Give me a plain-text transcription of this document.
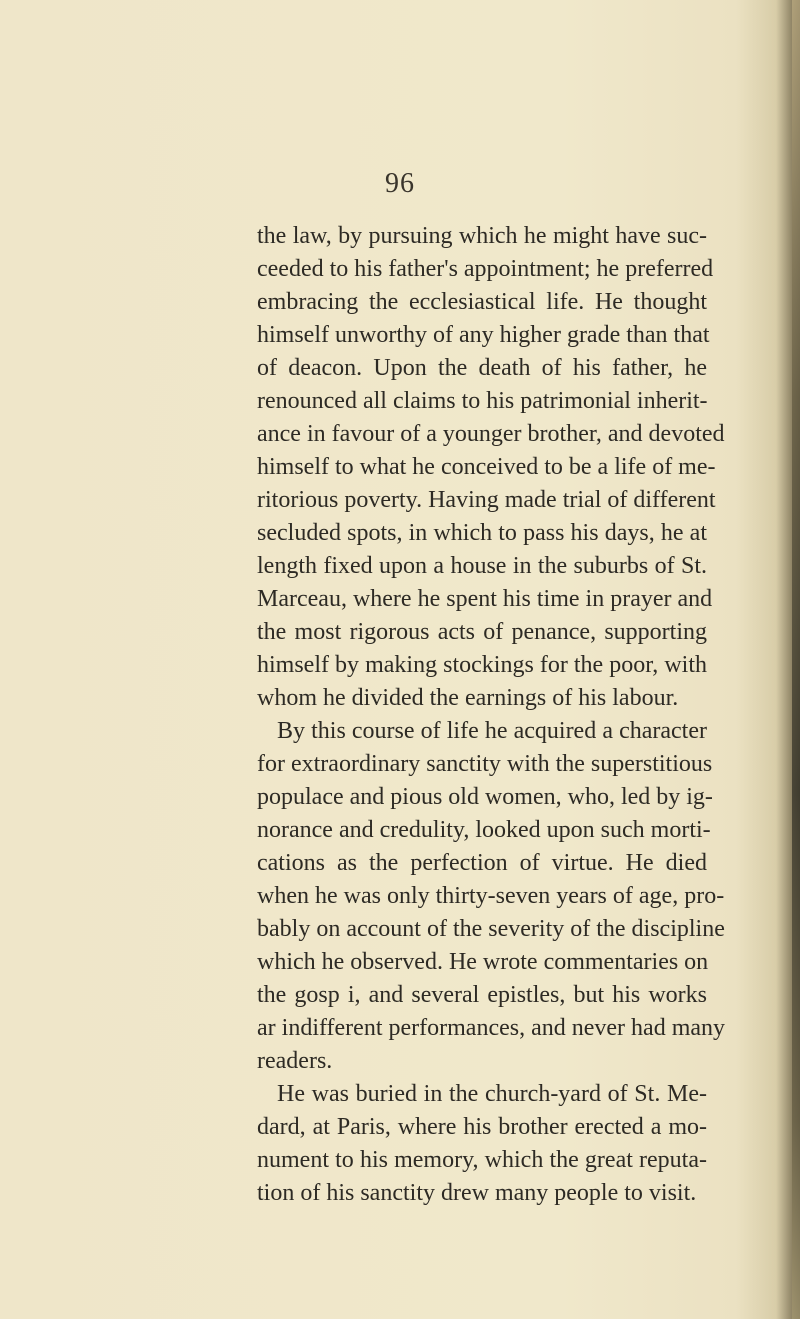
96
the law, by pursuing which he might have suc-
ceeded to his father's appointment; he preferred
embracing the ecclesiastical life. He thought
himself unworthy of any higher grade than that
of deacon. Upon the death of his father, he
renounced all claims to his patrimonial inherit-
ance in favour of a younger brother, and devoted
himself to what he conceived to be a life of me-
ritorious poverty. Having made trial of different
secluded spots, in which to pass his days, he at
length fixed upon a house in the suburbs of St.
Marceau, where he spent his time in prayer and
the most rigorous acts of penance, supporting
himself by making stockings for the poor, with
whom he divided the earnings of his labour.
By this course of life he acquired a character
for extraordinary sanctity with the superstitious
populace and pious old women, who, led by ig-
norance and credulity, looked upon such morti-
cations as the perfection of virtue. He died
when he was only thirty-seven years of age, pro-
bably on account of the severity of the discipline
which he observed. He wrote commentaries on
the gosp i, and several epistles, but his works
ar indifferent performances, and never had many
readers.
He was buried in the church-yard of St. Me-
dard, at Paris, where his brother erected a mo-
nument to his memory, which the great reputa-
tion of his sanctity drew many people to visit.
